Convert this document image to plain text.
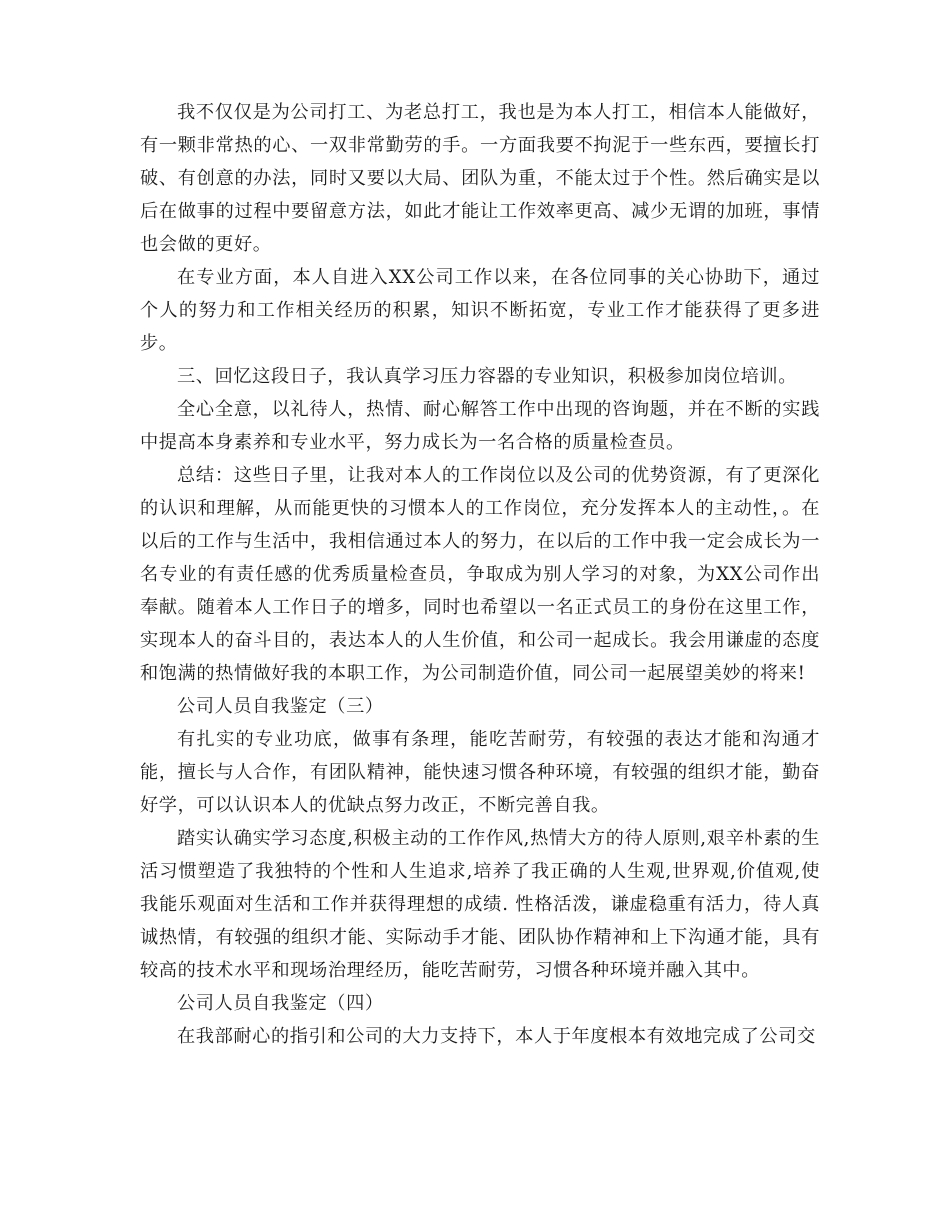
我不仅仅是为公司打工、为老总打工，我也是为本人打工，相信本人能做好，有一颗非常热的心、一双非常勤劳的手。一方面我要不拘泥于一些东西，要擅长打破、有创意的办法，同时又要以大局、团队为重，不能太过于个性。然后确实是以后在做事的过程中要留意方法，如此才能让工作效率更高、减少无谓的加班，事情也会做的更好。

在专业方面，本人自进入XX公司工作以来，在各位同事的关心协助下，通过个人的努力和工作相关经历的积累，知识不断拓宽，专业工作才能获得了更多进步。

三、回忆这段日子，我认真学习压力容器的专业知识，积极参加岗位培训。

全心全意，以礼待人，热情、耐心解答工作中出现的咨询题，并在不断的实践中提高本身素养和专业水平，努力成长为一名合格的质量检查员。

总结：这些日子里，让我对本人的工作岗位以及公司的优势资源，有了更深化的认识和理解，从而能更快的习惯本人的工作岗位，充分发挥本人的主动性，。在以后的工作与生活中，我相信通过本人的努力，在以后的工作中我一定会成长为一名专业的有责任感的优秀质量检查员，争取成为别人学习的对象，为XX公司作出奉献。随着本人工作日子的增多，同时也希望以一名正式员工的身份在这里工作，实现本人的奋斗目的，表达本人的人生价值，和公司一起成长。我会用谦虚的态度和饱满的热情做好我的本职工作，为公司制造价值，同公司一起展望美妙的将来!

公司人员自我鉴定（三）

有扎实的专业功底，做事有条理，能吃苦耐劳，有较强的表达才能和沟通才能，擅长与人合作，有团队精神，能快速习惯各种环境，有较强的组织才能，勤奋好学，可以认识本人的优缺点努力改正，不断完善自我。

踏实认确实学习态度,积极主动的工作作风,热情大方的待人原则,艰辛朴素的生活习惯塑造了我独特的个性和人生追求,培养了我正确的人生观,世界观,价值观,使我能乐观面对生活和工作并获得理想的成绩. 性格活泼，谦虚稳重有活力，待人真诚热情，有较强的组织才能、实际动手才能、团队协作精神和上下沟通才能，具有较高的技术水平和现场治理经历，能吃苦耐劳，习惯各种环境并融入其中。

公司人员自我鉴定（四）

在我部耐心的指引和公司的大力支持下，本人于年度根本有效地完成了公司交
